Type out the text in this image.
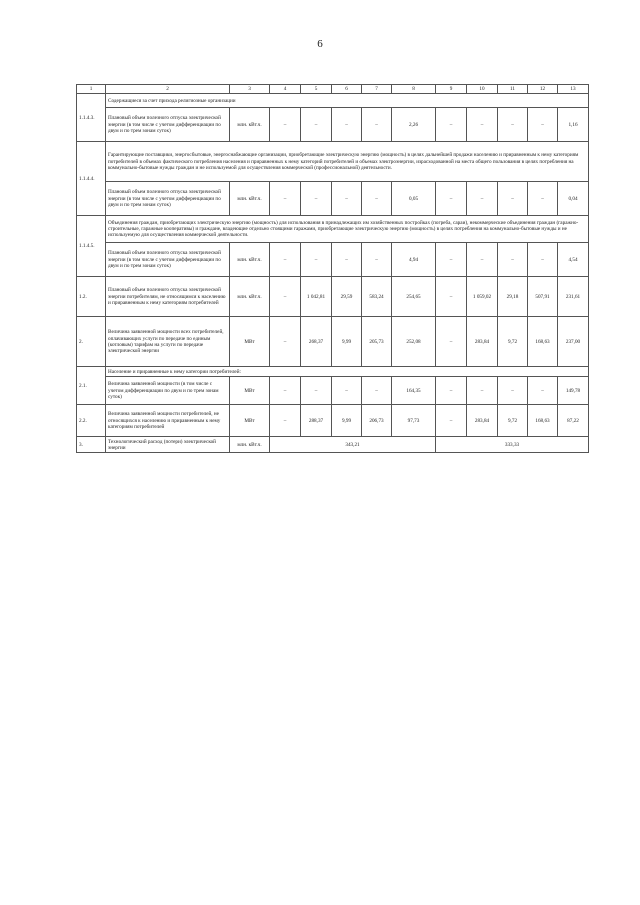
6
1	2	3	4	5	6	7	8	9	10	11	12	13
1.1.4.3.	Содержащиеся за счет прихода религиозные организации											
	Плановый объем полезного отпуска электрической энергии (в том числе с учетом дифференциации по двум и по трем зонам суток)	млн. кВт.ч.	–	–	–	–	2,26	–	–	–	–	1,16
1.1.4.4.	Гарантирующие поставщики, энергосбытовые, энергоснабжающие организации, приобретающие электрическую энергию (мощность) в целях дальнейшей продажи населению и приравненным к нему категориям потребителей в объемах фактического потребления населения и приравненных к нему категорий потребителей и объемах электроэнергии, израсходованной на места общего пользования в целях потребления на коммунально-бытовые нужды граждан и не используемой для осуществления коммерческой (профессиональной) деятельности.											
	Плановый объем полезного отпуска электрической энергии (в том числе с учетом дифференциации по двум и по трем зонам суток)	млн. кВт.ч.	–	–	–	–	0,05	–	–	–	–	0,04
1.1.4.5.	Объединения граждан, приобретающих электрическую энергию (мощность) для использования в принадлежащих им хозяйственных постройках (погреба, сараи), некоммерческие объединения граждан (гаражно-строительные, гаражные кооперативы) и граждане, владеющие отдельно стоящими гаражами, приобретающие электрическую энергию (мощность) в целях потребления на коммунально-бытовые нужды и не используемую для осуществления коммерческой деятельности.											
	Плановый объем полезного отпуска электрической энергии (в том числе с учетом дифференциации по двум и по трем зонам суток)	млн. кВт.ч.	–	–	–	–	4,94	–	–	–	–	4,54
1.2.	Плановый объем полезного отпуска электрической энергии потребителям, не относящимся к населению и приравненным к нему категориям потребителей	млн. кВт.ч.	–	1 042,81	29,59	583,24	254,65	–	1 059,02	29,18	507,91	231,61
2.	Величина заявленной мощности всех потребителей, оплачивающих услуги по передаче по единым (котловым) тарифам на услуги по передаче электрической энергии	МВт	–	268,37	9,99	205,73	252,08	–	283,84	9,72	168,63	237,00
2.1.	Население и приравненные к нему категории потребителей:											
	Величина заявленной мощности (в том числе с учетом дифференциации по двум и по трем зонам суток)	МВт	–	–	–	–	164,35	–	–	–	–	149,78
2.2.	Величина заявленной мощности потребителей, не относящихся к населению и приравненным к нему категориям потребителей	МВт	–	288,37	9,99	206,73	97,73	–	283,84	9,72	168,63	87,22
3.	Технологический расход (потери) электрической энергии	млн. кВт.ч.	343,21					333,33				
